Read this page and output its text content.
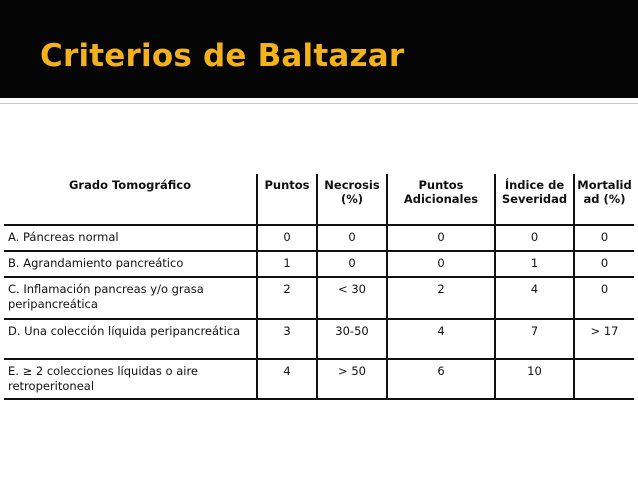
Criterios de Baltazar
Grado Tomográfico	Puntos	Necrosis (%)	Puntos Adicionales	Índice de Severidad	Mortalidad (%)
A. Páncreas normal	0	0	0	0	0
B. Agrandamiento pancreático	1	0	0	1	0
C. Inflamación pancreas y/o grasa peripancreática	2	< 30	2	4	0
D. Una colección líquida peripancreática	3	30-50	4	7	> 17
E. ≥ 2 colecciones líquidas o aire retroperitoneal	4	> 50	6	10	
